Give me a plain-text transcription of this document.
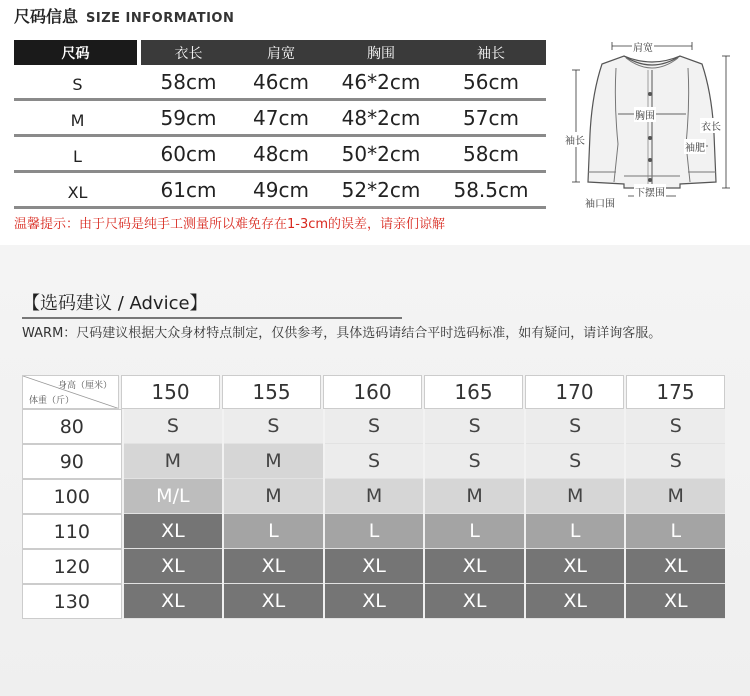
尺码信息 SIZE INFORMATION
尺码	衣长	肩宽	胸围	袖长
S	58cm	46cm	46*2cm	56cm
M	59cm	47cm	48*2cm	57cm
L	60cm	48cm	50*2cm	58cm
XL	61cm	49cm	52*2cm	58.5cm
温馨提示：由于尺码是纯手工测量所以难免存在1-3cm的误差，请亲们谅解
肩宽
胸围
衣长
袖长
袖肥
袖口围
下摆围
【选码建议 / Advice】
WARM：尺码建议根据大众身材特点制定，仅供参考，具体选码请结合平时选码标准，如有疑问，请详询客服。
身高（厘米）
体重（斤）	150	155	160	165	170	175
80	S	S	S	S	S	S
90	M	M	S	S	S	S
100	M/L	M	M	M	M	M
110	XL	L	L	L	L	L
120	XL	XL	XL	XL	XL	XL
130	XL	XL	XL	XL	XL	XL
